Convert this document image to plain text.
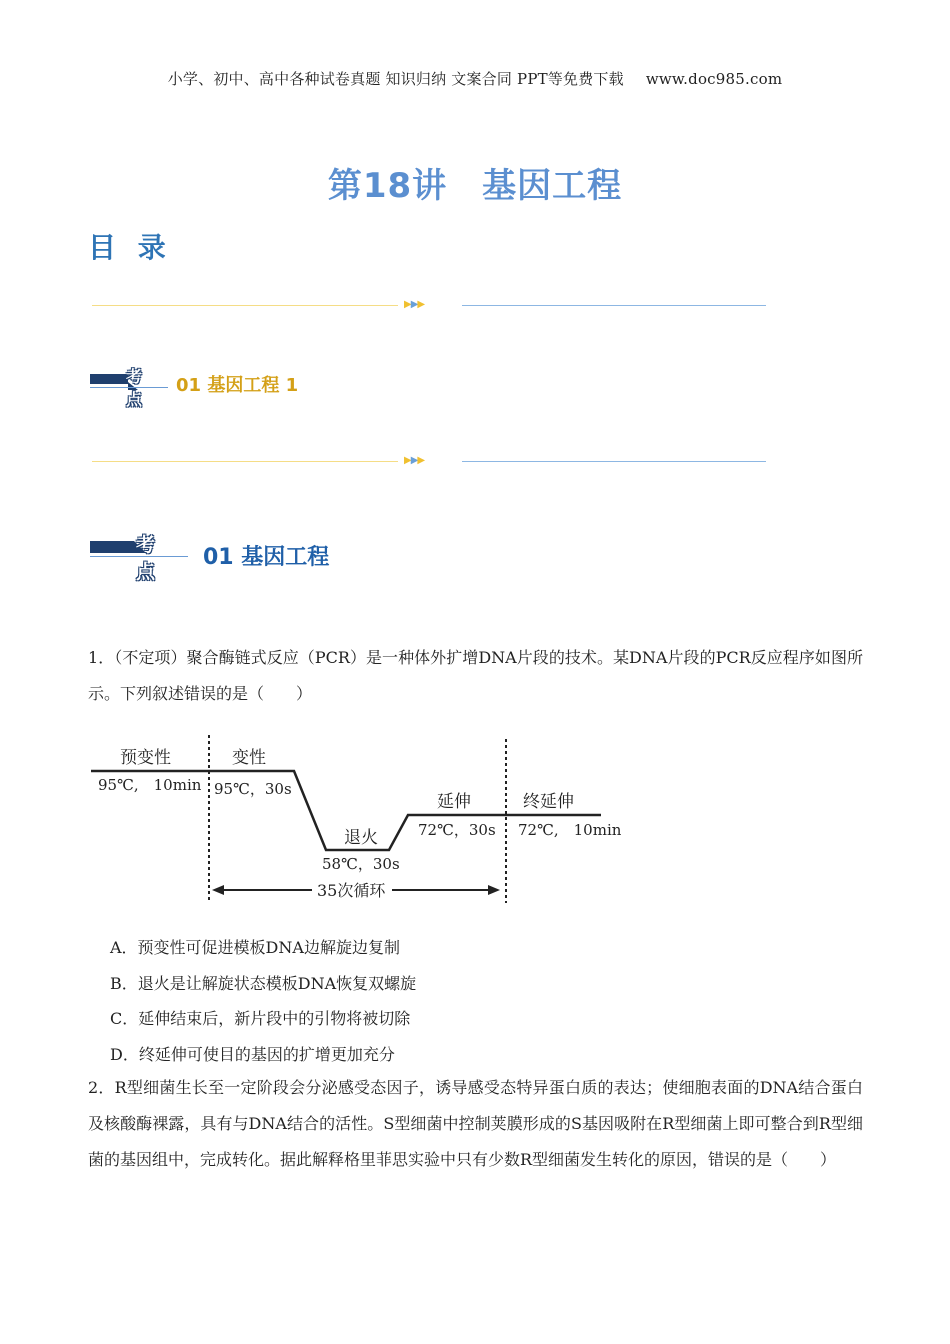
小学、初中、高中各种试卷真题 知识归纳 文案合同 PPT等免费下载 www.doc985.com
第18讲　基因工程
目 录
▶▶▶
考点
01 基因工程 1
▶▶▶
考点
01 基因工程
1．（不定项）聚合酶链式反应（PCR）是一种体外扩增DNA片段的技术。某DNA片段的PCR反应程序如图所示。下列叙述错误的是（　　）
预变性	变性
退火
延伸	终延伸
95℃,　10min 95℃，30s
58℃，30s
72℃，30s 72℃,　10min
35次循环
A．预变性可促进模板DNA边解旋边复制
B．退火是让解旋状态模板DNA恢复双螺旋
C．延伸结束后，新片段中的引物将被切除
D．终延伸可使目的基因的扩增更加充分
2．R型细菌生长至一定阶段会分泌感受态因子，诱导感受态特异蛋白质的表达；使细胞表面的DNA结合蛋白及核酸酶裸露，具有与DNA结合的活性。S型细菌中控制荚膜形成的S基因吸附在R型细菌上即可整合到R型细菌的基因组中，完成转化。据此解释格里菲思实验中只有少数R型细菌发生转化的原因，错误的是（　　）
